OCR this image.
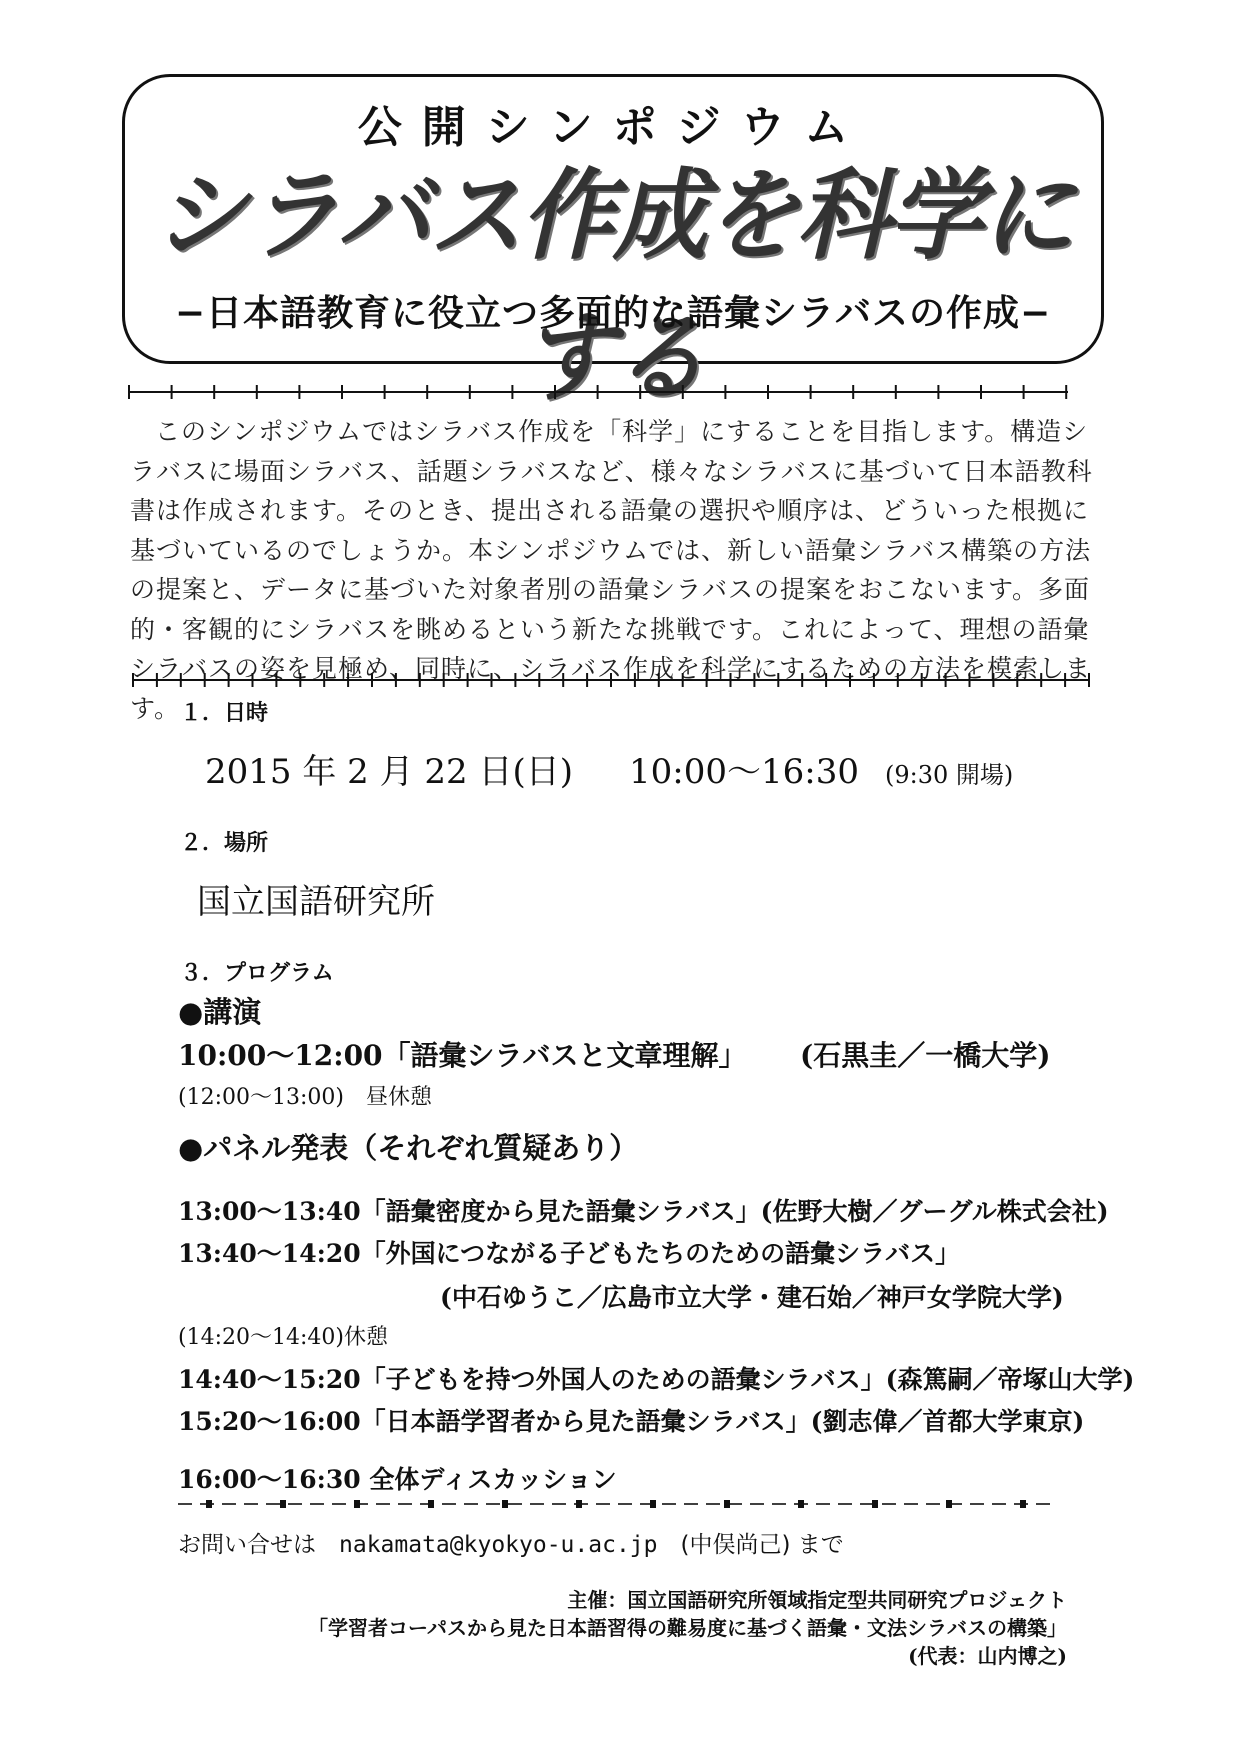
公開シンポジウム
シラバス作成を科学にする
−日本語教育に役立つ多面的な語彙シラバスの作成−

このシンポジウムではシラバス作成を「科学」にすることを目指します。構造シラバスに場面シラバス、話題シラバスなど、様々なシラバスに基づいて日本語教科書は作成されます。そのとき、提出される語彙の選択や順序は、どういった根拠に基づいているのでしょうか。本シンポジウムでは、新しい語彙シラバス構築の方法の提案と、データに基づいた対象者別の語彙シラバスの提案をおこないます。多面的・客観的にシラバスを眺めるという新たな挑戦です。これによって、理想の語彙シラバスの姿を見極め、同時に、シラバス作成を科学にするための方法を模索します。 １．日時
2015 年 2 月 22 日(日) 10:00～16:30 (9:30 開場)
２．場所
国立国語研究所
３．プログラム
●講演
10:00～12:00「語彙シラバスと文章理解」 (石黒圭／一橋大学)
(12:00～13:00)　昼休憩
●パネル発表（それぞれ質疑あり）
13:00～13:40「語彙密度から見た語彙シラバス」(佐野大樹／グーグル株式会社)
13:40～14:20「外国につながる子どもたちのための語彙シラバス」
(中石ゆうこ／広島市立大学・建石始／神戸女学院大学)
(14:20～14:40)休憩
14:40～15:20「子どもを持つ外国人のための語彙シラバス」(森篤嗣／帝塚山大学)
15:20～16:00「日本語学習者から見た語彙シラバス」(劉志偉／首都大学東京)
16:00～16:30 全体ディスカッション
お問い合せは　nakamata@kyokyo-u.ac.jp　(中俣尚己) まで
主催：国立国語研究所領域指定型共同研究プロジェクト
「学習者コーパスから見た日本語習得の難易度に基づく語彙・文法シラバスの構築」
(代表：山内博之)
